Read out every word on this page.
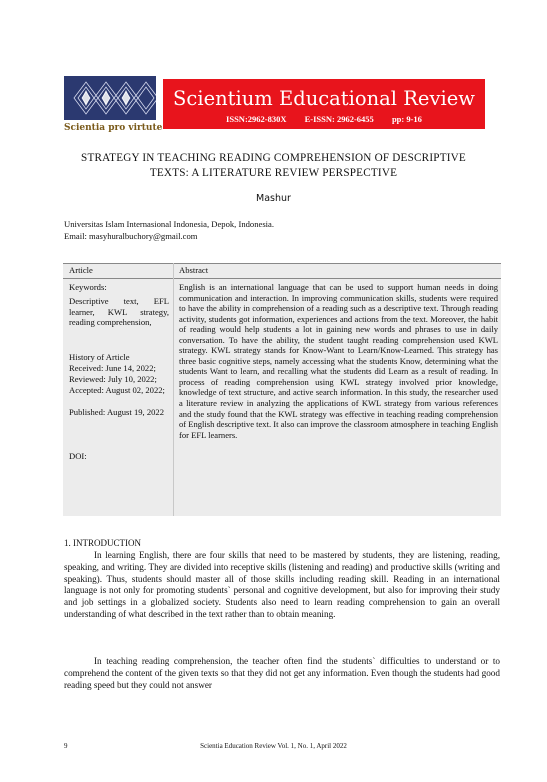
Scientia pro virtute
Scientium Educational Review
ISSN:2962-830X E-ISSN: 2962-6455 pp: 9-16
STRATEGY IN TEACHING READING COMPREHENSION OF DESCRIPTIVE
TEXTS: A LITERATURE REVIEW PERSPECTIVE
Mashur
Universitas Islam Internasional Indonesia, Depok, Indonesia.
Email: masyhuralbuchory@gmail.com
Article	Abstract
Keywords:
Descriptive text, EFL learner, KWL strategy, reading comprehension,
History of Article
Received: June 14, 2022;
Reviewed: July 10, 2022;
Accepted: August 02, 2022;
Published: August 19, 2022
DOI:
English is an international language that can be used to support human needs in doing communication and interaction. In improving communication skills, students were required to have the ability in comprehension of a reading such as a descriptive text. Through reading activity, students got information, experiences and actions from the text. Moreover, the habit of reading would help students a lot in gaining new words and phrases to use in daily conversation. To have the ability, the student taught reading comprehension used KWL strategy. KWL strategy stands for Know-Want to Learn/Know-Learned. This strategy has three basic cognitive steps, namely accessing what the students Know, determining what the students Want to learn, and recalling what the students did Learn as a result of reading. In process of reading comprehension using KWL strategy involved prior knowledge, knowledge of text structure, and active search information. In this study, the researcher used a literature review in analyzing the applications of KWL strategy from various references and the study found that the KWL strategy was effective in teaching reading comprehension of English descriptive text. It also can improve the classroom atmosphere in teaching English for EFL learners.
1. INTRODUCTION
In learning English, there are four skills that need to be mastered by students, they are listening, reading, speaking, and writing. They are divided into receptive skills (listening and reading) and productive skills (writing and speaking). Thus, students should master all of those skills including reading skill. Reading in an international language is not only for promoting students` personal and cognitive development, but also for improving their study and job settings in a globalized society. Students also need to learn reading comprehension to gain an overall understanding of what described in the text rather than to obtain meaning.
In teaching reading comprehension, the teacher often find the students` difficulties to understand or to comprehend the content of the given texts so that they did not get any information. Even though the students had good reading speed but they could not answer
9	Scientia Education Review Vol. 1, No. 1, April 2022
